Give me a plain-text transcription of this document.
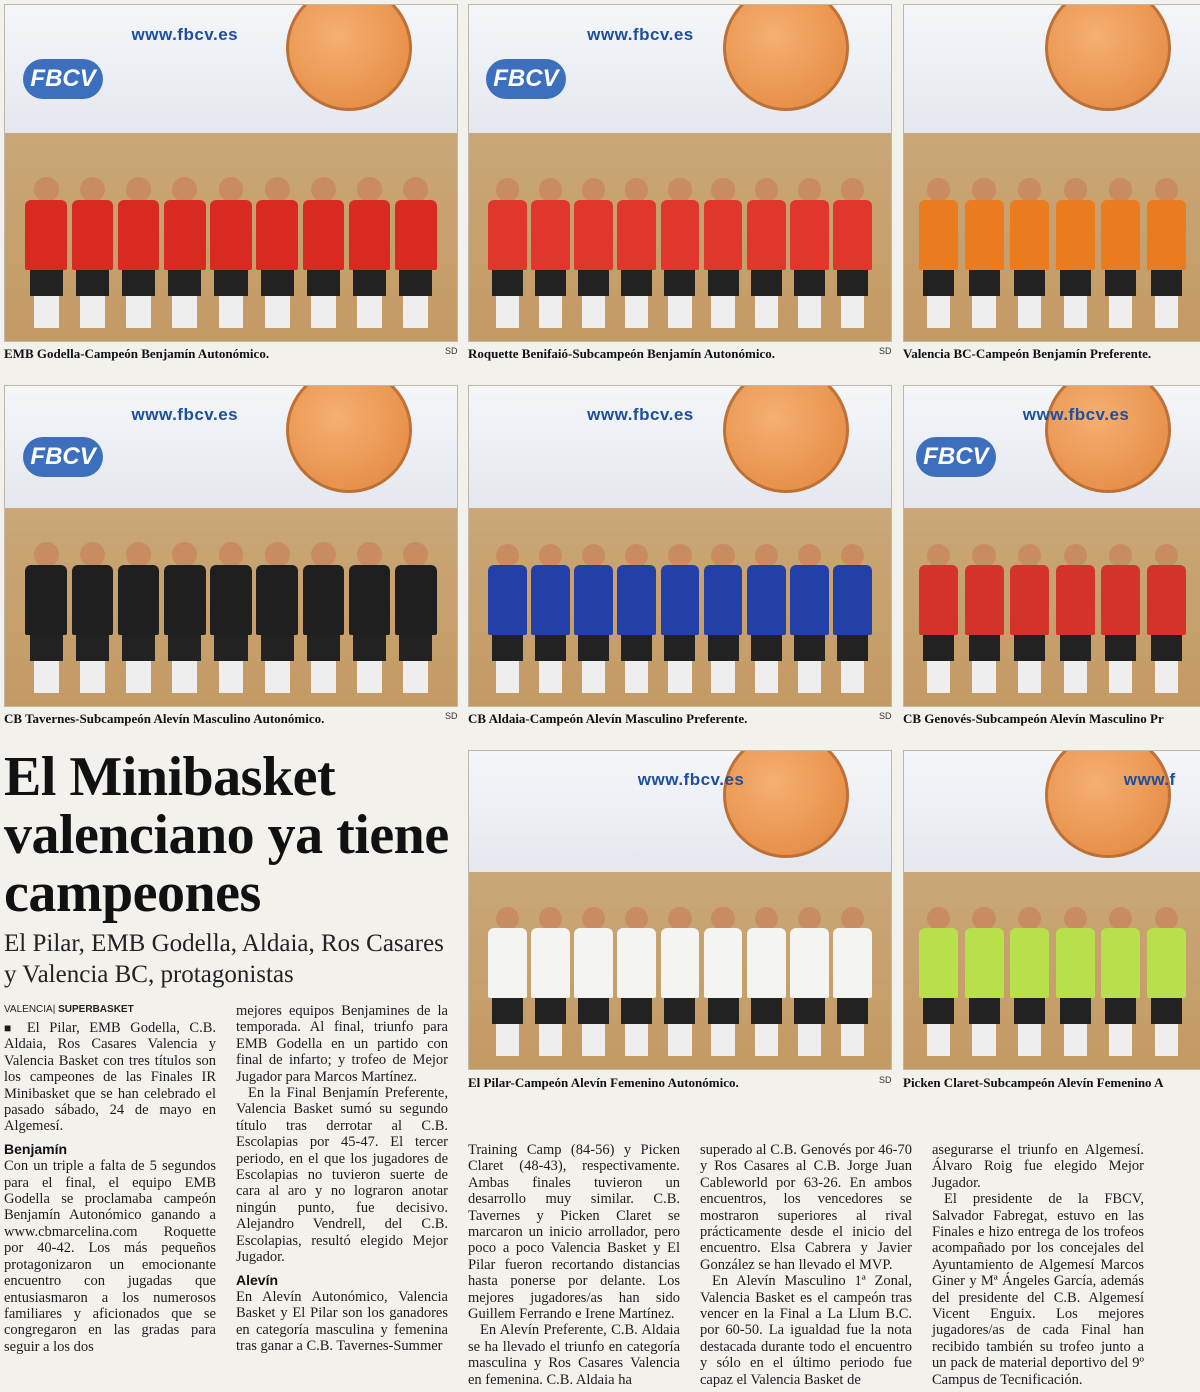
FBCV
www.fbcv.es
EMB Godella-Campeón Benjamín Autonómico.	SD
FBCV
www.fbcv.es
Roquette Benifaió-Subcampeón Benjamín Autonómico.	SD Valencia BC-Campeón Benjamín Preferente.
FBCV
www.fbcv.es
CB Tavernes-Subcampeón Alevín Masculino Autonómico.	SD
www.fbcv.es
CB Aldaia-Campeón Alevín Masculino Preferente.	SD
FBCV
www.fbcv.es
CB Genovés-Subcampeón Alevín Masculino Pr
www.fbcv.es
El Pilar-Campeón Alevín Femenino Autonómico.	SD
www.f
Picken Claret-Subcampeón Alevín Femenino A
El Minibasket valenciano ya tiene campeones
El Pilar, EMB Godella, Aldaia, Ros Casares y Valencia BC, protagonistas
VALENCIA| SUPERBASKET

■ El Pilar, EMB Godella, C.B. Aldaia, Ros Casares Valencia y Valencia Basket con tres títulos son los campeones de las Finales IR Minibasket que se han celebrado el pasado sábado, 24 de mayo en Algemesí.

Benjamín

Con un triple a falta de 5 segundos para el final, el equipo EMB Godella se proclamaba campeón Benjamín Autonómico ganando a www.cbmarcelina.com Roquette por 40-42. Los más pequeños protagonizaron un emocionante encuentro con jugadas que entusiasmaron a los numerosos familiares y aficionados que se congregaron en las gradas para seguir a los dos

mejores equipos Benjamines de la temporada. Al final, triunfo para EMB Godella en un partido con final de infarto; y trofeo de Mejor Jugador para Marcos Martínez.

En la Final Benjamín Preferente, Valencia Basket sumó su segundo título tras derrotar al C.B. Escolapias por 45-47. El tercer periodo, en el que los jugadores de Escolapias no tuvieron suerte de cara al aro y no lograron anotar ningún punto, fue decisivo. Alejandro Vendrell, del C.B. Escolapias, resultó elegido Mejor Jugador.

Alevín

En Alevín Autonómico, Valencia Basket y El Pilar son los ganadores en categoría masculina y femenina tras ganar a C.B. Tavernes-Summer

Training Camp (84-56) y Picken Claret (48-43), respectivamente. Ambas finales tuvieron un desarrollo muy similar. C.B. Tavernes y Picken Claret se marcaron un inicio arrollador, pero poco a poco Valencia Basket y El Pilar fueron recortando distancias hasta ponerse por delante. Los mejores jugadores/as han sido Guillem Ferrando e Irene Martínez.

En Alevín Preferente, C.B. Aldaia se ha llevado el triunfo en categoría masculina y Ros Casares Valencia en femenina. C.B. Aldaia ha

superado al C.B. Genovés por 46-70 y Ros Casares al C.B. Jorge Juan Cableworld por 63-26. En ambos encuentros, los vencedores se mostraron superiores al rival prácticamente desde el inicio del encuentro. Elsa Cabrera y Javier González se han llevado el MVP.

En Alevín Masculino 1ª Zonal, Valencia Basket es el campeón tras vencer en la Final a La Llum B.C. por 60-50. La igualdad fue la nota destacada durante todo el encuentro y sólo en el último periodo fue capaz el Valencia Basket de

asegurarse el triunfo en Algemesí. Álvaro Roig fue elegido Mejor Jugador.

El presidente de la FBCV, Salvador Fabregat, estuvo en las Finales e hizo entrega de los trofeos acompañado por los concejales del Ayuntamiento de Algemesí Marcos Giner y Mª Ángeles García, además del presidente del C.B. Algemesí Vicent Enguix. Los mejores jugadores/as de cada Final han recibido también su trofeo junto a un pack de material deportivo del 9º Campus de Tecnificación.
